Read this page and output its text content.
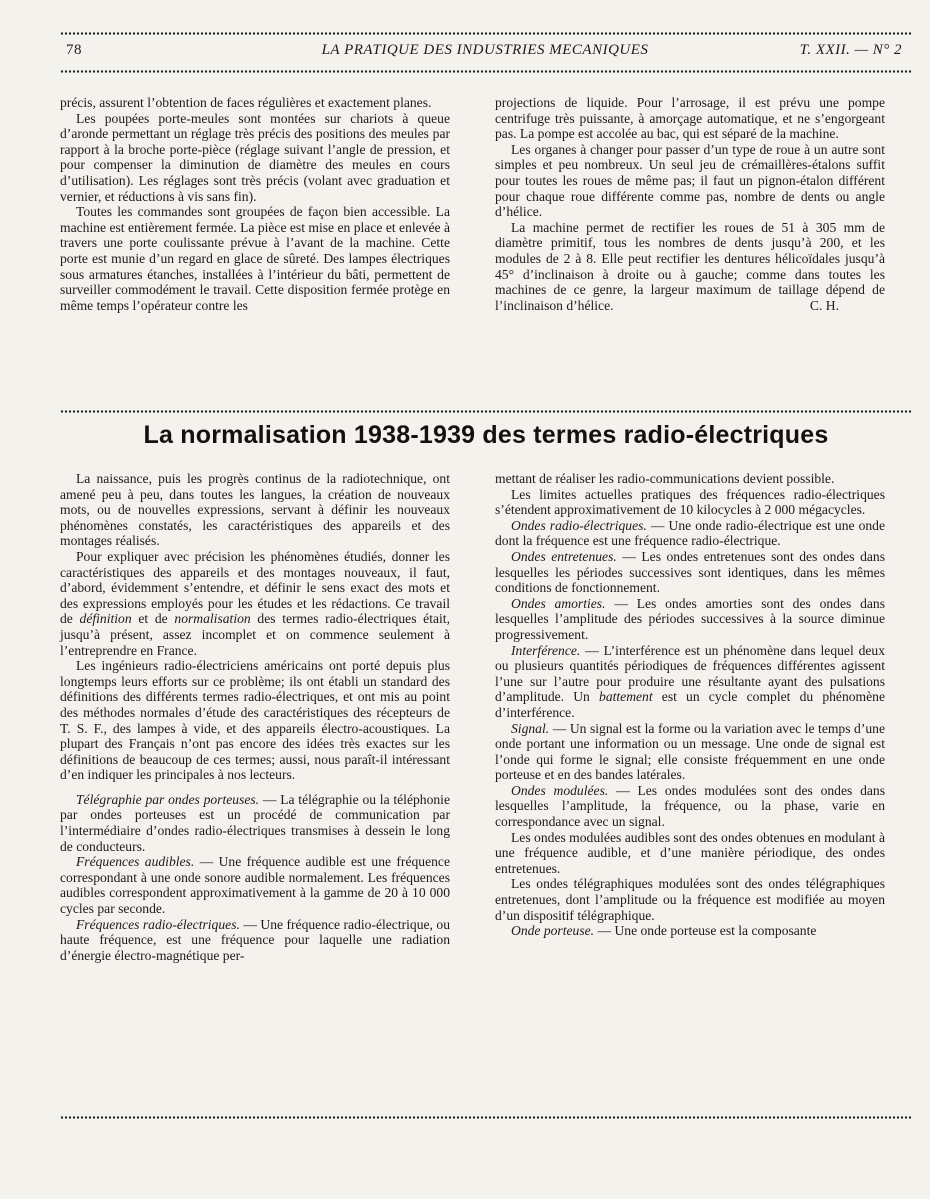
78	LA PRATIQUE DES INDUSTRIES MECANIQUES	T. XXII. — N° 2

précis, assurent l’obtention de faces régulières et exactement planes.

Les poupées porte-meules sont montées sur chariots à queue d’aronde permettant un réglage très précis des positions des meules par rapport à la broche porte-pièce (réglage suivant l’angle de pression, et pour compenser la diminution de diamètre des meules en cours d’utilisation). Les réglages sont très précis (volant avec graduation et vernier, et réductions à vis sans fin).

Toutes les commandes sont groupées de façon bien accessible. La machine est entièrement fermée. La pièce est mise en place et enlevée à travers une porte coulissante prévue à l’avant de la machine. Cette porte est munie d’un regard en glace de sûreté. Des lampes électriques sous armatures étanches, installées à l’intérieur du bâti, permettent de surveiller commodément le travail. Cette disposition fermée protège en même temps l’opérateur contre les

projections de liquide. Pour l’arrosage, il est prévu une pompe centrifuge très puissante, à amorçage automatique, et ne s’engorgeant pas. La pompe est accolée au bac, qui est séparé de la machine.

Les organes à changer pour passer d’un type de roue à un autre sont simples et peu nombreux. Un seul jeu de crémaillères-étalons suffit pour toutes les roues de même pas; il faut un pignon-étalon différent pour chaque roue différente comme pas, nombre de dents ou angle d’hélice.

La machine permet de rectifier les roues de 51 à 305 mm de diamètre primitif, tous les nombres de dents jusqu’à 200, et les modules de 2 à 8. Elle peut rectifier les dentures hélicoïdales jusqu’à 45° d’inclinaison à droite ou à gauche; comme dans toutes les machines de ce genre, la largeur maximum de taillage dépend de l’inclinaison d’hélice.	C. H.
La normalisation 1938-1939 des termes radio-électriques

La naissance, puis les progrès continus de la radiotechnique, ont amené peu à peu, dans toutes les langues, la création de nouveaux mots, ou de nouvelles expressions, servant à définir les nouveaux phénomènes constatés, les caractéristiques des appareils et des montages réalisés.

Pour expliquer avec précision les phénomènes étudiés, donner les caractéristiques des appareils et des montages nouveaux, il faut, d’abord, évidemment s’entendre, et définir le sens exact des mots et des expressions employés pour les études et les rédactions. Ce travail de définition et de normalisation des termes radio-électriques était, jusqu’à présent, assez incomplet et on commence seulement à l’entreprendre en France.

Les ingénieurs radio-électriciens américains ont porté depuis plus longtemps leurs efforts sur ce problème; ils ont établi un standard des définitions des différents termes radio-électriques, et ont mis au point des méthodes normales d’étude des caractéristiques des récepteurs de T. S. F., des lampes à vide, et des appareils électro-acoustiques. La plupart des Français n’ont pas encore des idées très exactes sur les définitions de beaucoup de ces termes; aussi, nous paraît-il intéressant d’en indiquer les principales à nos lecteurs.

Télégraphie par ondes porteuses. — La télégraphie ou la téléphonie par ondes porteuses est un procédé de communication par l’intermédiaire d’ondes radio-électriques transmises à dessein le long de conducteurs.

Fréquences audibles. — Une fréquence audible est une fréquence correspondant à une onde sonore audible normalement. Les fréquences audibles correspondent approximativement à la gamme de 20 à 10 000 cycles par seconde.

Fréquences radio-électriques. — Une fréquence radio-électrique, ou haute fréquence, est une fréquence pour laquelle une radiation d’énergie électro-magnétique per-

mettant de réaliser les radio-communications devient possible.

Les limites actuelles pratiques des fréquences radio-électriques s’étendent approximativement de 10 kilocycles à 2 000 mégacycles.

Ondes radio-électriques. — Une onde radio-électrique est une onde dont la fréquence est une fréquence radio-électrique.

Ondes entretenues. — Les ondes entretenues sont des ondes dans lesquelles les périodes successives sont identiques, dans les mêmes conditions de fonctionnement.

Ondes amorties. — Les ondes amorties sont des ondes dans lesquelles l’amplitude des périodes successives à la source diminue progressivement.

Interférence. — L’interférence est un phénomène dans lequel deux ou plusieurs quantités périodiques de fréquences différentes agissent l’une sur l’autre pour produire une résultante ayant des pulsations d’amplitude. Un battement est un cycle complet du phénomène d’interférence.

Signal. — Un signal est la forme ou la variation avec le temps d’une onde portant une information ou un message. Une onde de signal est l’onde qui forme le signal; elle consiste fréquemment en une onde porteuse et en des bandes latérales.

Ondes modulées. — Les ondes modulées sont des ondes dans lesquelles l’amplitude, la fréquence, ou la phase, varie en correspondance avec un signal.

Les ondes modulées audibles sont des ondes obtenues en modulant à une fréquence audible, et d’une manière périodique, des ondes entretenues.

Les ondes télégraphiques modulées sont des ondes télégraphiques entretenues, dont l’amplitude ou la fréquence est modifiée au moyen d’un dispositif télégraphique.

Onde porteuse. — Une onde porteuse est la composante
